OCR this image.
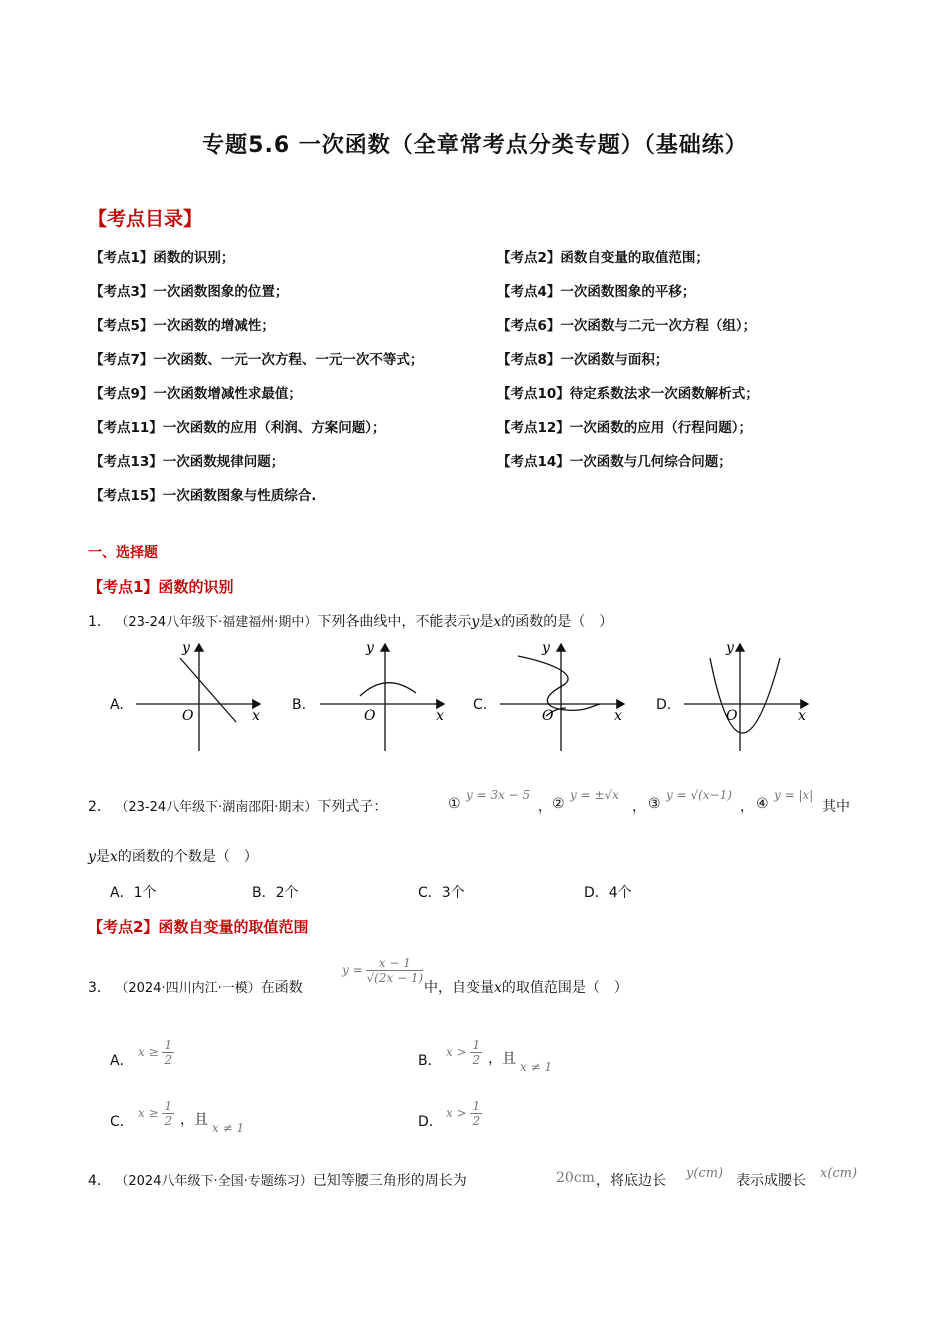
专题5.6 一次函数（全章常考点分类专题）（基础练）
【考点目录】
【考点1】函数的识别；	【考点2】函数自变量的取值范围；
【考点3】一次函数图象的位置；	【考点4】一次函数图象的平移；
【考点5】一次函数的增减性；	【考点6】一次函数与二元一次方程（组）；
【考点7】一次函数、一元一次方程、一元一次不等式；	【考点8】一次函数与面积；
【考点9】一次函数增减性求最值；	【考点10】待定系数法求一次函数解析式；
【考点11】一次函数的应用（利润、方案问题）；	【考点12】一次函数的应用（行程问题）；
【考点13】一次函数规律问题；	【考点14】一次函数与几何综合问题；
【考点15】一次函数图象与性质综合.
一、选择题
【考点1】函数的识别
1． （23-24八年级下·福建福州·期中）下列各曲线中，不能表示y是x的函数的是（　）
A.	B.	C.	D.
y
x
O
y
x
O
y
x
O
y
x
O
2． （23-24八年级下·湖南邵阳·期末）下列式子：	①
y = 3x − 5
， ②
y = ±√x
， ③
y = √(x−1)
， ④
y = |x|
其中
y是x的函数的个数是（　）
A．1个	B．2个	C．3个	D．4个
【考点2】函数自变量的取值范围
3． （2024·四川内江·一模）在函数
$y = \frac{x - 1}{√(2x - 1)}$
中，自变量x的取值范围是（　）
A．
$x \ge \frac{1}{2}$	B．
$x > \frac{1}{2}$ ，且 x ≠ 1
C．
$x \ge \frac{1}{2}$ ，且 x ≠ 1	D．
$x > \frac{1}{2}$
4． （2024八年级下·全国·专题练习）已知等腰三角形的周长为	20cm ，将底边长 y(cm) 表示成腰长 x(cm)
